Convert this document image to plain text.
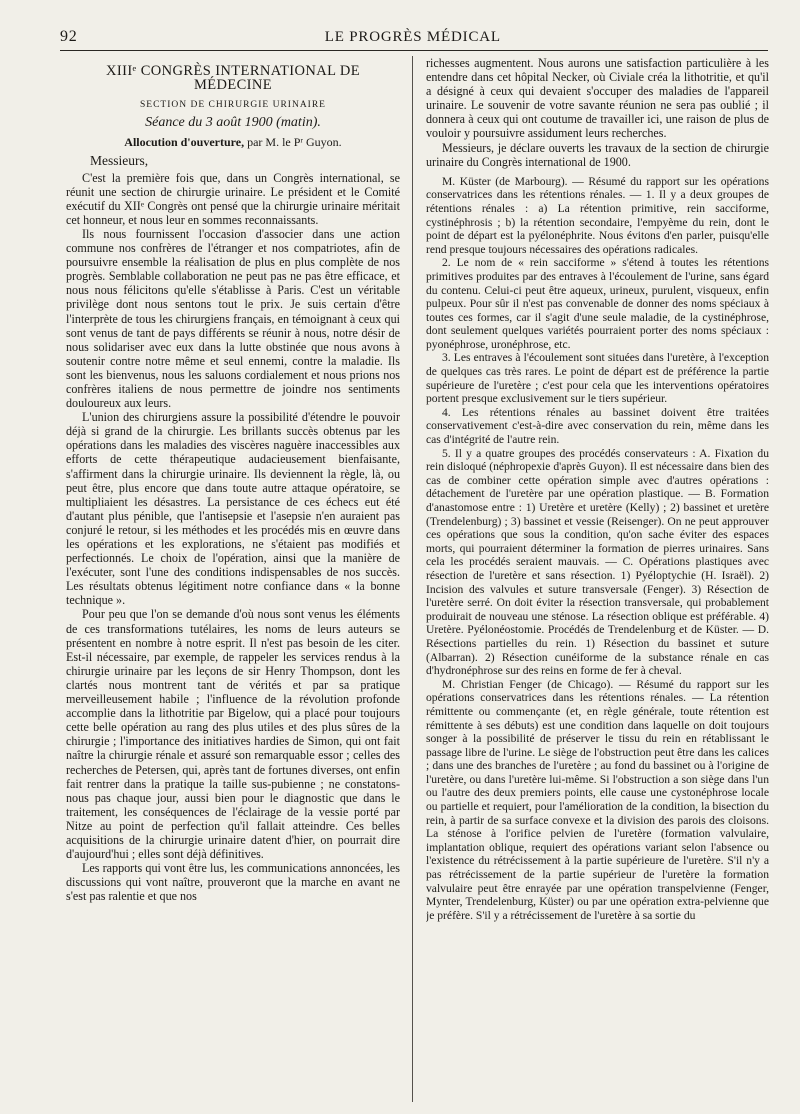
92	LE PROGRÈS MÉDICAL
XIIIᵉ CONGRÈS INTERNATIONAL DE MÉDECINE
SECTION DE CHIRURGIE URINAIRE
Séance du 3 août 1900 (matin).
Allocution d'ouverture, par M. le Pʳ Guyon.
Messieurs,

C'est la première fois que, dans un Congrès international, se réunit une section de chirurgie urinaire. Le président et le Comité exécutif du XIIᵉ Congrès ont pensé que la chirurgie urinaire méritait cet honneur, et nous leur en sommes reconnaissants.

Ils nous fournissent l'occasion d'associer dans une action commune nos confrères de l'étranger et nos compatriotes, afin de poursuivre ensemble la réalisation de plus en plus complète de nos progrès. Semblable collaboration ne peut pas ne pas être efficace, et nous nous félicitons qu'elle s'établisse à Paris. C'est un véritable privilège dont nous sentons tout le prix. Je suis certain d'être l'interprète de tous les chirurgiens français, en témoignant à ceux qui sont venus de tant de pays différents se réunir à nous, notre désir de nous solidariser avec eux dans la lutte obstinée que nous avons à soutenir contre notre même et seul ennemi, contre la maladie. Ils sont les bienvenus, nous les saluons cordialement et nous prions nos confrères italiens de nous permettre de joindre nos sentiments douloureux aux leurs.

L'union des chirurgiens assure la possibilité d'étendre le pouvoir déjà si grand de la chirurgie. Les brillants succès obtenus par les opérations dans les maladies des viscères naguère inaccessibles aux efforts de cette thérapeutique audacieusement bienfaisante, s'affirment dans la chirurgie urinaire. Ils deviennent la règle, là, ou peut être, plus encore que dans toute autre attaque opératoire, se multipliaient les désastres. La persistance de ces échecs eut été d'autant plus pénible, que l'antisepsie et l'asepsie n'en auraient pas conjuré le retour, si les méthodes et les procédés mis en œuvre dans les opérations et les explorations, ne s'étaient pas modifiés et perfectionnés. Le choix de l'opération, ainsi que la manière de l'exécuter, sont l'une des conditions indispensables de nos succès. Les résultats obtenus légitiment notre confiance dans « la bonne technique ».

Pour peu que l'on se demande d'où nous sont venus les éléments de ces transformations tutélaires, les noms de leurs auteurs se présentent en nombre à notre esprit. Il n'est pas besoin de les citer. Est-il nécessaire, par exemple, de rappeler les services rendus à la chirurgie urinaire par les leçons de sir Henry Thompson, dont les clartés nous montrent tant de vérités et par sa pratique merveilleusement habile ; l'influence de la révolution profonde accomplie dans la lithotritie par Bigelow, qui a placé pour toujours cette belle opération au rang des plus utiles et des plus sûres de la chirurgie ; l'importance des initiatives hardies de Simon, qui ont fait naître la chirurgie rénale et assuré son remarquable essor ; celles des recherches de Petersen, qui, après tant de fortunes diverses, ont enfin fait rentrer dans la pratique la taille sus-pubienne ; ne constatons-nous pas chaque jour, aussi bien pour le diagnostic que dans le traitement, les conséquences de l'éclairage de la vessie porté par Nitze au point de perfection qu'il fallait atteindre. Ces belles acquisitions de la chirurgie urinaire datent d'hier, on pourrait dire d'aujourd'hui ; elles sont déjà définitives.

Les rapports qui vont être lus, les communications annoncées, les discussions qui vont naître, prouveront que la marche en avant ne s'est pas ralentie et que nos

richesses augmentent. Nous aurons une satisfaction particulière à les entendre dans cet hôpital Necker, où Civiale créa la lithotritie, et qu'il a désigné à ceux qui devaient s'occuper des maladies de l'appareil urinaire. Le souvenir de votre savante réunion ne sera pas oublié ; il donnera à ceux qui ont coutume de travailler ici, une raison de plus de vouloir y poursuivre assidument leurs recherches.

Messieurs, je déclare ouverts les travaux de la section de chirurgie urinaire du Congrès international de 1900.

M. Küster (de Marbourg). — Résumé du rapport sur les opérations conservatrices dans les rétentions rénales. — 1. Il y a deux groupes de rétentions rénales : a) La rétention primitive, rein sacciforme, cystinéphrosis ; b) la rétention secondaire, l'empyème du rein, dont le point de départ est la pyélonéphrite. Nous évitons d'en parler, puisqu'elle rend presque toujours nécessaires des opérations radicales.

2. Le nom de « rein sacciforme » s'étend à toutes les rétentions primitives produites par des entraves à l'écoulement de l'urine, sans égard du contenu. Celui-ci peut être aqueux, urineux, purulent, visqueux, enfin pulpeux. Pour sûr il n'est pas convenable de donner des noms spéciaux à toutes ces formes, car il s'agit d'une seule maladie, de la cystinéphrose, dont seulement quelques variétés pourraient porter des noms spéciaux : pyonéphrose, uronéphrose, etc.

3. Les entraves à l'écoulement sont situées dans l'uretère, à l'exception de quelques cas très rares. Le point de départ est de préférence la partie supérieure de l'uretère ; c'est pour cela que les interventions opératoires portent presque exclusivement sur le tiers supérieur.

4. Les rétentions rénales au bassinet doivent être traitées conservativement c'est-à-dire avec conservation du rein, même dans les cas d'intégrité de l'autre rein.

5. Il y a quatre groupes des procédés conservateurs : A. Fixation du rein disloqué (néphropexie d'après Guyon). Il est nécessaire dans bien des cas de combiner cette opération simple avec d'autres opérations : détachement de l'uretère par une opération plastique. — B. Formation d'anastomose entre : 1) Uretère et uretère (Kelly) ; 2) bassinet et uretère (Trendelenburg) ; 3) bassinet et vessie (Reisenger). On ne peut approuver ces opérations que sous la condition, qu'on sache éviter des espaces morts, qui pourraient déterminer la formation de pierres urinaires. Sans cela les procédés seraient mauvais. — C. Opérations plastiques avec résection de l'uretère et sans résection. 1) Pyéloptychie (H. Israël). 2) Incision des valvules et suture transversale (Fenger). 3) Résection de l'uretère serré. On doit éviter la résection transversale, qui probablement produirait de nouveau une sténose. La résection oblique est préférable. 4) Uretère. Pyélonéostomie. Procédés de Trendelenburg et de Küster. — D. Résections partielles du rein. 1) Résection du bassinet et suture (Albarran). 2) Résection cunéiforme de la substance rénale en cas d'hydronéphrose sur des reins en forme de fer à cheval.

M. Christian Fenger (de Chicago). — Résumé du rapport sur les opérations conservatrices dans les rétentions rénales. — La rétention rémittente ou commençante (et, en règle générale, toute rétention est rémittente à ses débuts) est une condition dans laquelle on doit toujours songer à la possibilité de préserver le tissu du rein en rétablissant le passage libre de l'urine. Le siège de l'obstruction peut être dans les calices ; dans une des branches de l'uretère ; au fond du bassinet ou à l'origine de l'uretère, ou dans l'uretère lui-même. Si l'obstruction a son siège dans l'un ou l'autre des deux premiers points, elle cause une cystonéphrose locale ou partielle et requiert, pour l'amélioration de la condition, la bisection du rein, à partir de sa surface convexe et la division des parois des cloisons. La sténose à l'orifice pelvien de l'uretère (formation valvulaire, implantation oblique, requiert des opérations variant selon l'absence ou l'existence du rétrécissement à la partie supérieure de l'uretère. S'il n'y a pas rétrécissement de la partie supérieur de l'uretère la formation valvulaire peut être enrayée par une opération transpelvienne (Fenger, Mynter, Trendelenburg, Küster) ou par une opération extra-pelvienne que je préfère. S'il y a rétrécissement de l'uretère à sa sortie du
